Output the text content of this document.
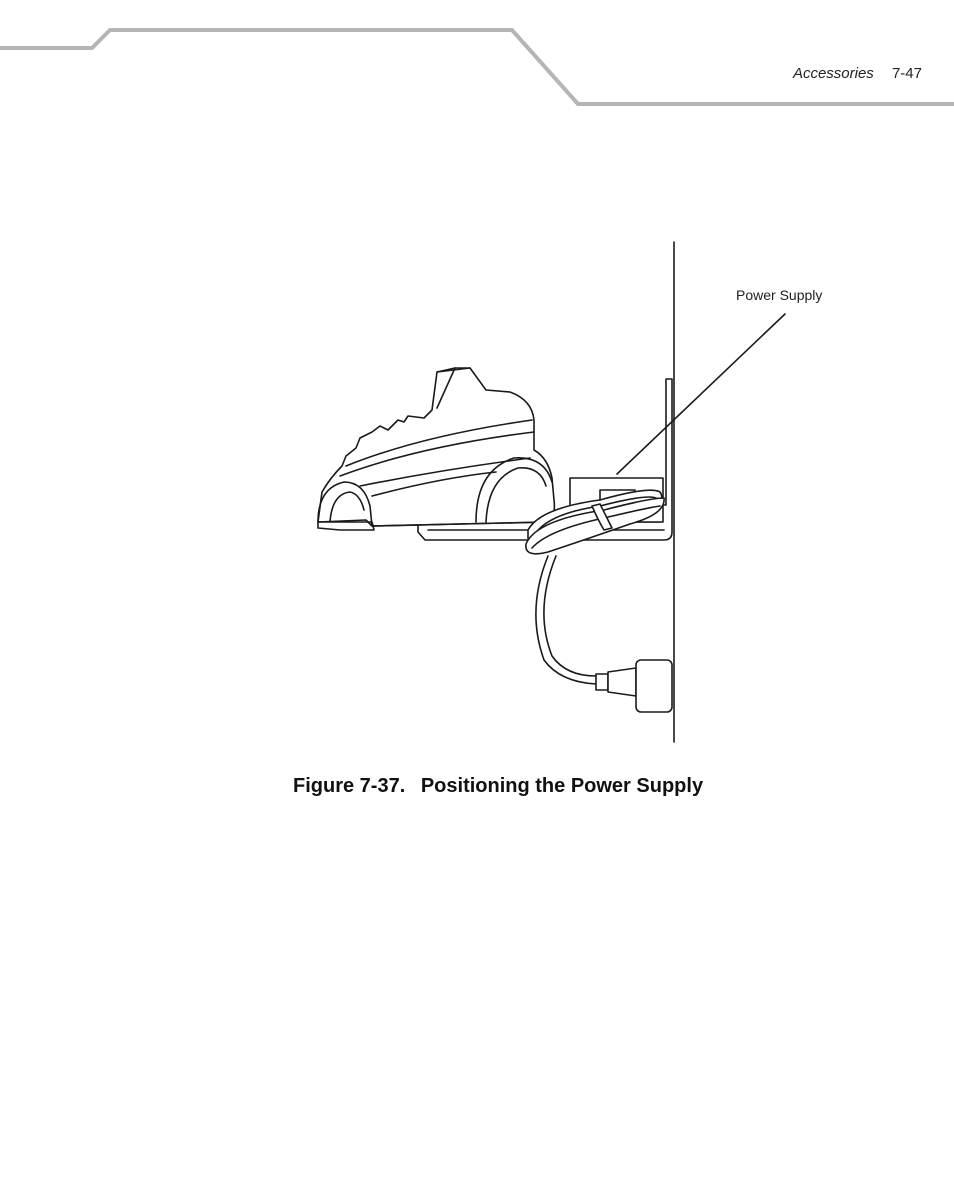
Accessories 7-47
Power Supply
Figure 7-37. Positioning the Power Supply
